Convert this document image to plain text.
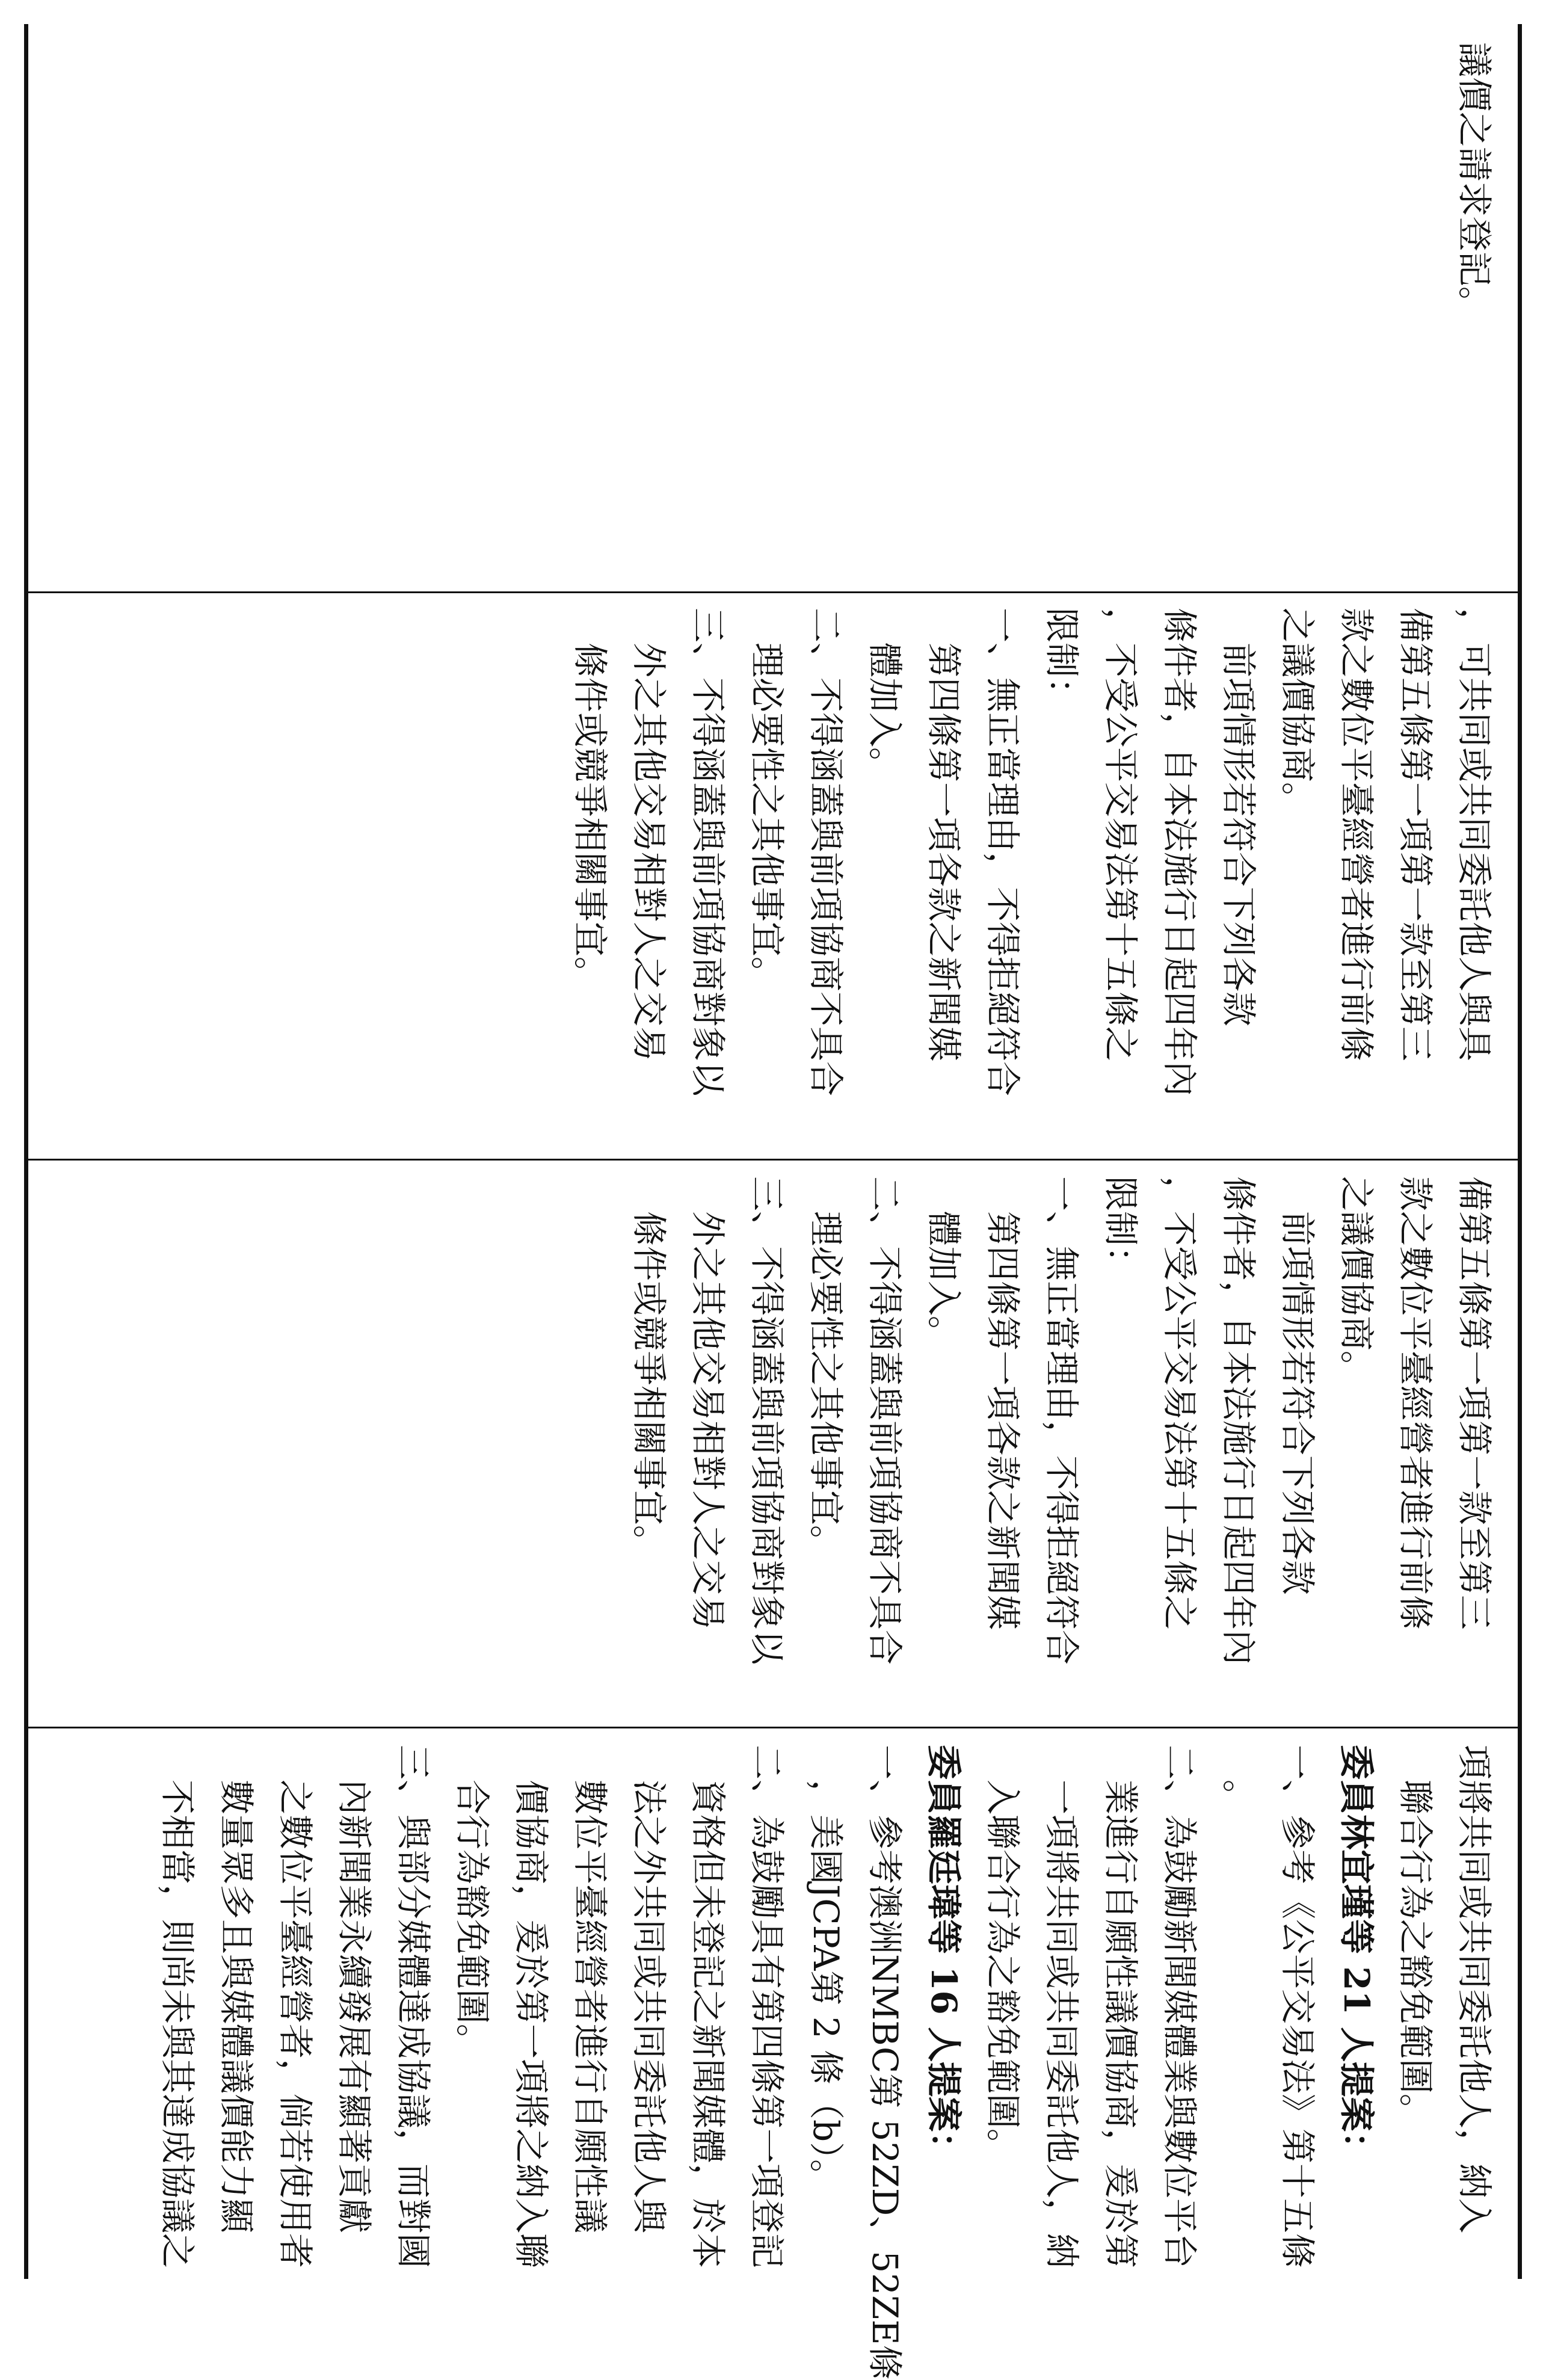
議價之請求登記。
，可共同或共同委託他人與具
備第五條第一項第一款至第三
款之數位平臺經營者進行前條
之議價協商。
前項情形若符合下列各款
條件者，自本法施行日起四年內
，不受公平交易法第十五條之
限制：
一、無正當理由，不得拒絕符合
第四條第一項各款之新聞媒
體加入。
二、不得涵蓋與前項協商不具合
理必要性之其他事宜。
三、不得涵蓋與前項協商對象以
外之其他交易相對人之交易
條件或競爭相關事宜。
備第五條第一項第一款至第三
款之數位平臺經營者進行前條
之議價協商。
前項情形若符合下列各款
條件者，自本法施行日起四年內
，不受公平交易法第十五條之
限制：
一、無正當理由，不得拒絕符合
第四條第一項各款之新聞媒
體加入。
二、不得涵蓋與前項協商不具合
理必要性之其他事宜。
三、不得涵蓋與前項協商對象以
外之其他交易相對人之交易
條件或競爭相關事宜。
項將共同或共同委託他人，納入
聯合行為之豁免範圍。
委員林宜瑾等 21 人提案：
一、參考《公平交易法》第十五條
。
二、為鼓勵新聞媒體業與數位平台
業進行自願性議價協商，爰於第
一項將共同或共同委託他人，納
入聯合行為之豁免範圍。
委員羅廷瑋等 16 人提案：
一、參考澳洲NMBC第 52ZD、52ZE條
，美國JCPA第 2 條（b）。
二、為鼓勵具有第四條第一項登記
資格但未登記之新聞媒體，於本
法之外共同或共同委託他人與
數位平臺經營者進行自願性議
價協商，爰於第一項將之納入聯
合行為豁免範圍。
三、與部分媒體達成協議，而對國
內新聞業永續發展有顯著貢獻
之數位平臺經營者，倘若使用者
數量眾多且與媒體議價能力顯
不相當，則尚未與其達成協議之
